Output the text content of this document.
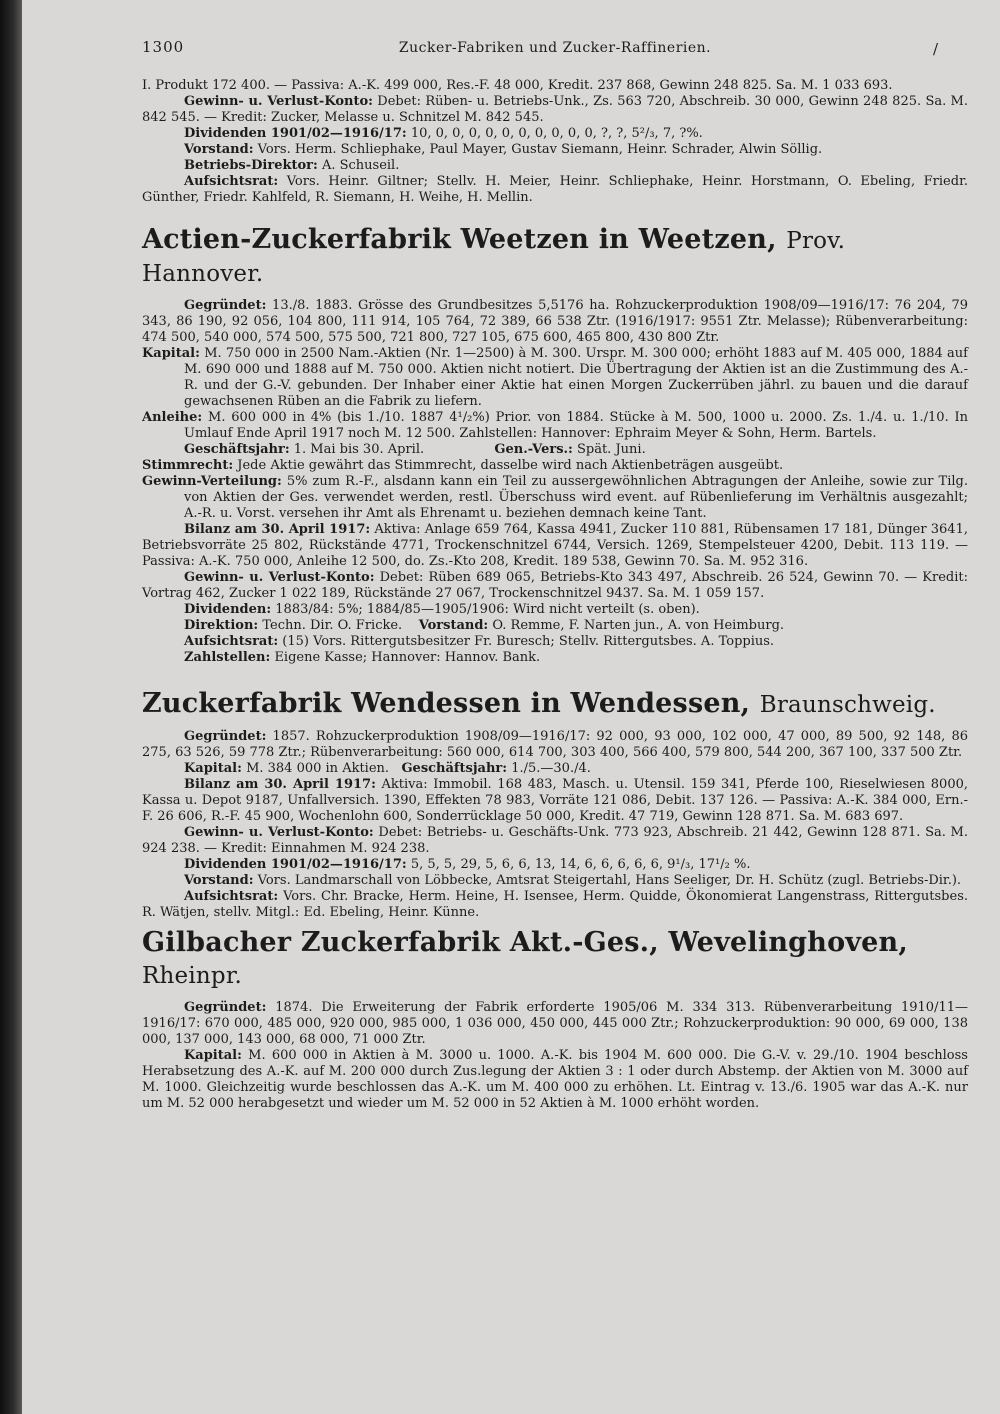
1300	Zucker-Fabriken und Zucker-Raffinerien.	/

I. Produkt 172 400. — Passiva: A.-K. 499 000, Res.-F. 48 000, Kredit. 237 868, Gewinn 248 825. Sa. M. 1 033 693.

Gewinn- u. Verlust-Konto: Debet: Rüben- u. Betriebs-Unk., Zs. 563 720, Abschreib. 30 000, Gewinn 248 825. Sa. M. 842 545. — Kredit: Zucker, Melasse u. Schnitzel M. 842 545.

Dividenden 1901/02—1916/17: 10, 0, 0, 0, 0, 0, 0, 0, 0, 0, 0, ?, ?, 5²/₃, 7, ?%.

Vorstand: Vors. Herm. Schliephake, Paul Mayer, Gustav Siemann, Heinr. Schrader, Alwin Söllig.

Betriebs-Direktor: A. Schuseil.

Aufsichtsrat: Vors. Heinr. Giltner; Stellv. H. Meier, Heinr. Schliephake, Heinr. Horstmann, O. Ebeling, Friedr. Günther, Friedr. Kahlfeld, R. Siemann, H. Weihe, H. Mellin.

Actien-Zuckerfabrik Weetzen in Weetzen, Prov. Hannover.

Gegründet: 13./8. 1883. Grösse des Grundbesitzes 5,5176 ha. Rohzuckerproduktion 1908/09—1916/17: 76 204, 79 343, 86 190, 92 056, 104 800, 111 914, 105 764, 72 389, 66 538 Ztr. (1916/1917: 9551 Ztr. Melasse); Rübenverarbeitung: 474 500, 540 000, 574 500, 575 500, 721 800, 727 105, 675 600, 465 800, 430 800 Ztr.

Kapital: M. 750 000 in 2500 Nam.-Aktien (Nr. 1—2500) à M. 300. Urspr. M. 300 000; erhöht 1883 auf M. 405 000, 1884 auf M. 690 000 und 1888 auf M. 750 000. Aktien nicht notiert. Die Übertragung der Aktien ist an die Zustimmung des A.-R. und der G.-V. gebunden. Der Inhaber einer Aktie hat einen Morgen Zuckerrüben jährl. zu bauen und die darauf gewachsenen Rüben an die Fabrik zu liefern.

Anleihe: M. 600 000 in 4% (bis 1./10. 1887 4¹/₂%) Prior. von 1884. Stücke à M. 500, 1000 u. 2000. Zs. 1./4. u. 1./10. In Umlauf Ende April 1917 noch M. 12 500. Zahlstellen: Hannover: Ephraim Meyer & Sohn, Herm. Bartels.

Geschäftsjahr: 1. Mai bis 30. April.	Gen.-Vers.: Spät. Juni.

Stimmrecht: Jede Aktie gewährt das Stimmrecht, dasselbe wird nach Aktienbeträgen ausgeübt.

Gewinn-Verteilung: 5% zum R.-F., alsdann kann ein Teil zu aussergewöhnlichen Abtragungen der Anleihe, sowie zur Tilg. von Aktien der Ges. verwendet werden, restl. Überschuss wird event. auf Rübenlieferung im Verhältnis ausgezahlt; A.-R. u. Vorst. versehen ihr Amt als Ehrenamt u. beziehen demnach keine Tant.

Bilanz am 30. April 1917: Aktiva: Anlage 659 764, Kassa 4941, Zucker 110 881, Rübensamen 17 181, Dünger 3641, Betriebsvorräte 25 802, Rückstände 4771, Trockenschnitzel 6744, Versich. 1269, Stempelsteuer 4200, Debit. 113 119. — Passiva: A.-K. 750 000, Anleihe 12 500, do. Zs.-Kto 208, Kredit. 189 538, Gewinn 70. Sa. M. 952 316.

Gewinn- u. Verlust-Konto: Debet: Rüben 689 065, Betriebs-Kto 343 497, Abschreib. 26 524, Gewinn 70. — Kredit: Vortrag 462, Zucker 1 022 189, Rückstände 27 067, Trockenschnitzel 9437. Sa. M. 1 059 157.

Dividenden: 1883/84: 5%; 1884/85—1905/1906: Wird nicht verteilt (s. oben).

Direktion: Techn. Dir. O. Fricke. Vorstand: O. Remme, F. Narten jun., A. von Heimburg.

Aufsichtsrat: (15) Vors. Rittergutsbesitzer Fr. Buresch; Stellv. Rittergutsbes. A. Toppius.

Zahlstellen: Eigene Kasse; Hannover: Hannov. Bank.

Zuckerfabrik Wendessen in Wendessen, Braunschweig.

Gegründet: 1857. Rohzuckerproduktion 1908/09—1916/17: 92 000, 93 000, 102 000, 47 000, 89 500, 92 148, 86 275, 63 526, 59 778 Ztr.; Rübenverarbeitung: 560 000, 614 700, 303 400, 566 400, 579 800, 544 200, 367 100, 337 500 Ztr.

Kapital: M. 384 000 in Aktien. Geschäftsjahr: 1./5.—30./4.

Bilanz am 30. April 1917: Aktiva: Immobil. 168 483, Masch. u. Utensil. 159 341, Pferde 100, Rieselwiesen 8000, Kassa u. Depot 9187, Unfallversich. 1390, Effekten 78 983, Vorräte 121 086, Debit. 137 126. — Passiva: A.-K. 384 000, Ern.-F. 26 606, R.-F. 45 900, Wochenlohn 600, Sonderrücklage 50 000, Kredit. 47 719, Gewinn 128 871. Sa. M. 683 697.

Gewinn- u. Verlust-Konto: Debet: Betriebs- u. Geschäfts-Unk. 773 923, Abschreib. 21 442, Gewinn 128 871. Sa. M. 924 238. — Kredit: Einnahmen M. 924 238.

Dividenden 1901/02—1916/17: 5, 5, 5, 29, 5, 6, 6, 13, 14, 6, 6, 6, 6, 6, 9¹/₃, 17¹/₂ %.

Vorstand: Vors. Landmarschall von Löbbecke, Amtsrat Steigertahl, Hans Seeliger, Dr. H. Schütz (zugl. Betriebs-Dir.).

Aufsichtsrat: Vors. Chr. Bracke, Herm. Heine, H. Isensee, Herm. Quidde, Ökonomierat Langenstrass, Rittergutsbes. R. Wätjen, stellv. Mitgl.: Ed. Ebeling, Heinr. Künne.

Gilbacher Zuckerfabrik Akt.-Ges., Wevelinghoven, Rheinpr.

Gegründet: 1874. Die Erweiterung der Fabrik erforderte 1905/06 M. 334 313. Rübenverarbeitung 1910/11—1916/17: 670 000, 485 000, 920 000, 985 000, 1 036 000, 450 000, 445 000 Ztr.; Rohzuckerproduktion: 90 000, 69 000, 138 000, 137 000, 143 000, 68 000, 71 000 Ztr.

Kapital: M. 600 000 in Aktien à M. 3000 u. 1000. A.-K. bis 1904 M. 600 000. Die G.-V. v. 29./10. 1904 beschloss Herabsetzung des A.-K. auf M. 200 000 durch Zus.legung der Aktien 3 : 1 oder durch Abstemp. der Aktien von M. 3000 auf M. 1000. Gleichzeitig wurde beschlossen das A.-K. um M. 400 000 zu erhöhen. Lt. Eintrag v. 13./6. 1905 war das A.-K. nur um M. 52 000 herabgesetzt und wieder um M. 52 000 in 52 Aktien à M. 1000 erhöht worden.
